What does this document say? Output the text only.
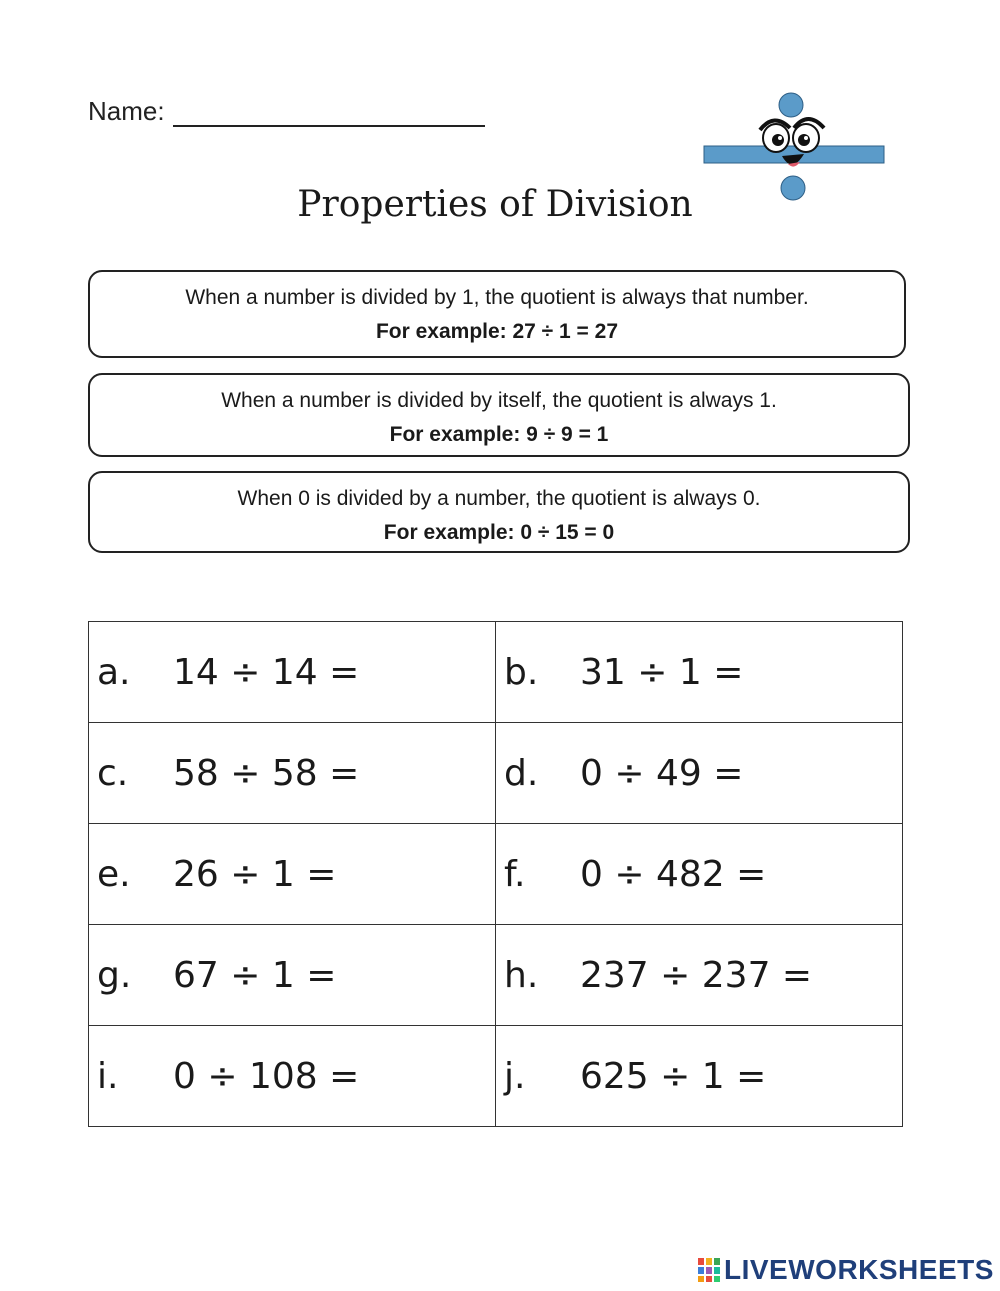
Name:
Properties of Division
When a number is divided by 1, the quotient is always that number.
For example: 27 ÷ 1 = 27
When a number is divided by itself, the quotient is always 1.
For example: 9 ÷ 9 = 1
When 0 is divided by a number, the quotient is always 0.
For example: 0 ÷ 15 = 0
a. 14 ÷ 14 =	b. 31 ÷ 1 =

c. 58 ÷ 58 =	d. 0 ÷ 49 =

e. 26 ÷ 1 =	f. 0 ÷ 482 =

g. 67 ÷ 1 =	h. 237 ÷ 237 =

i. 0 ÷ 108 =	j. 625 ÷ 1 =
LIVEWORKSHEETS
